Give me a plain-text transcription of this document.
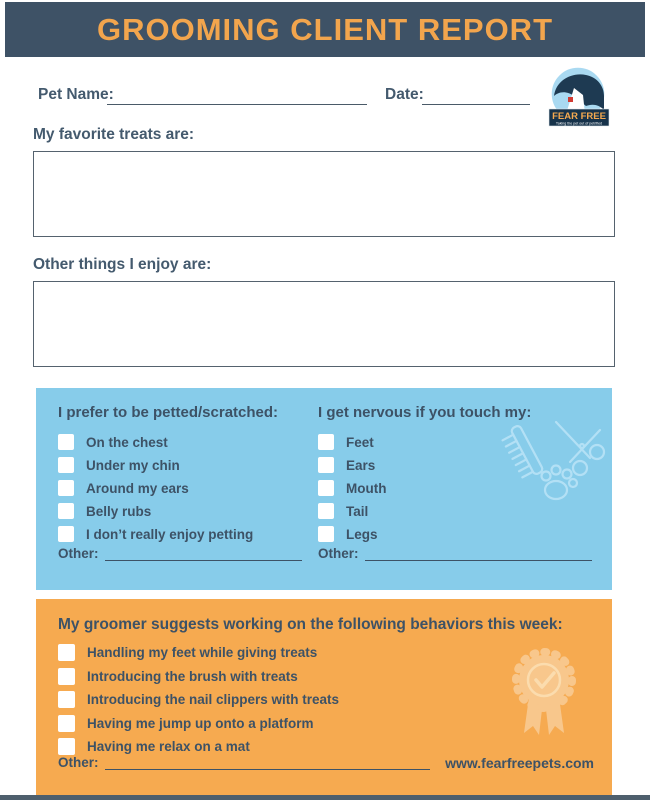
GROOMING CLIENT REPORT
Pet Name:	Date:
FEAR FREE
Taking the pet out of petrified
My favorite treats are:
Other things I enjoy are:
I prefer to be petted/scratched:
On the chest
Under my chin
Around my ears
Belly rubs
I don’t really enjoy petting
Other:
I get nervous if you touch my:
Feet
Ears
Mouth
Tail
Legs
Other:
My groomer suggests working on the following behaviors this week:
Handling my feet while giving treats
Introducing the brush with treats
Introducing the nail clippers with treats
Having me jump up onto a platform
Having me relax on a mat
Other:	www.fearfreepets.com
